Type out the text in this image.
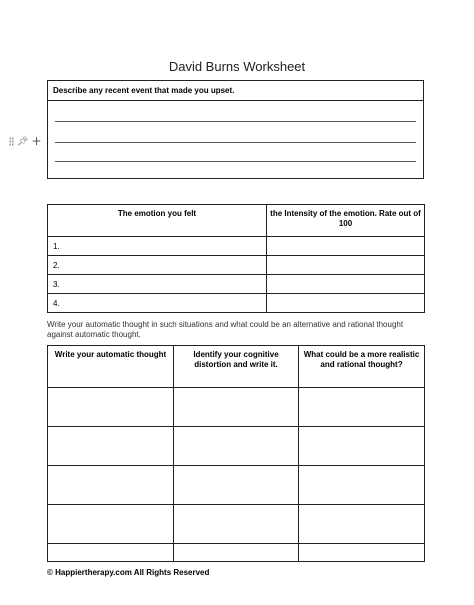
David Burns Worksheet
📌︎ +
Describe any recent event that made you upset.
The emotion you felt	the Intensity of the emotion. Rate out of 100
1.	
2.	
3.	
4.	
Write your automatic thought in such situations and what could be an alternative and rational thought against automatic thought.
Write your automatic thought	Identify your cognitive distortion and write it.	What could be a more realistic and rational thought?

© Happiertherapy.com All Rights Reserved
